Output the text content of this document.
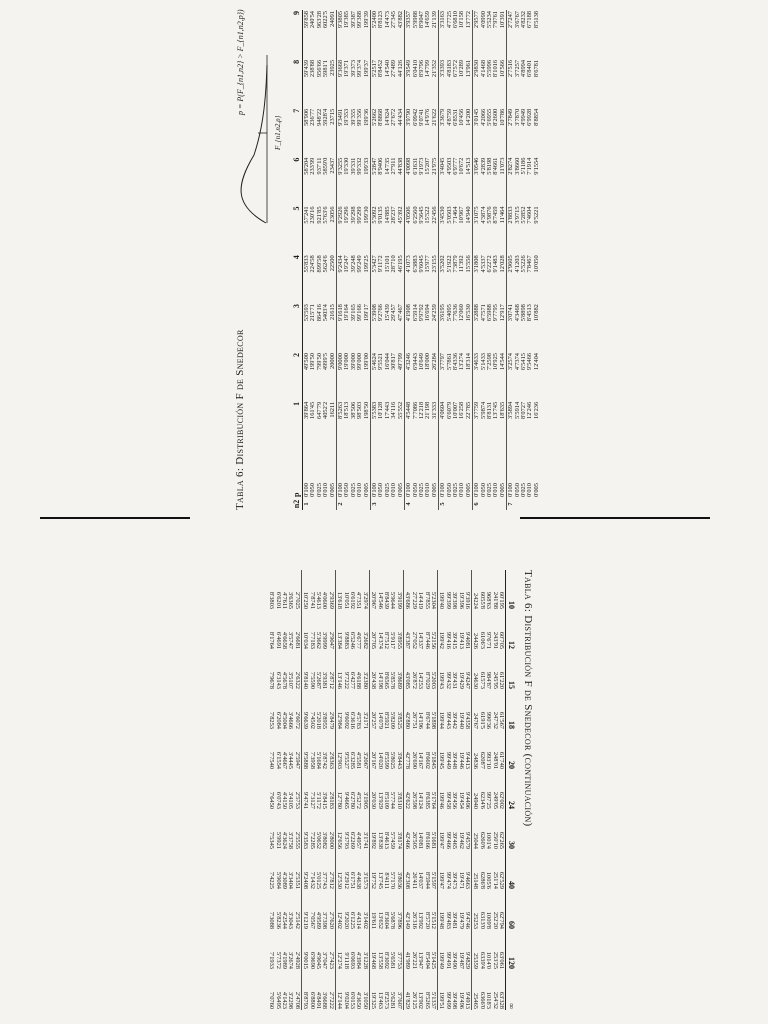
Tabla 6: Distribución F de Snedecor
p = P(F_{n1,n2} > F_{n1,n2,p})
F_{n1,n2,p}
n2	p	1	2	3	4	5	6	7	8	9
1	0'100	39'864	49'500	53'593	55'833	57'241	58'204	58'906	59'439	59'858
	0'050	161'45	199'50	215'71	224'58	230'16	233'99	236'77	238'88	240'54
	0'025	647'79	799'50	864'16	899'58	921'85	937'11	948'22	956'66	963'28
	0'010	4052'2	4999'5	5403'4	5624'6	5763'6	5859'0	5928'4	5981'1	6022'5
	0'005	16211	20000	21615	22500	23056	23437	23715	23925	24091
2	0'100	8'5263	9'0000	9'1618	9'2434	9'2926	9'3255	9'3491	9'3668	9'3805
	0'050	18'513	19'000	19'164	19'247	19'296	19'330	19'353	19'371	19'385
	0'025	38'506	39'000	39'165	39'248	39'298	39'331	39'355	39'373	39'387
	0'010	98'503	99'000	99'166	99'249	99'299	99'332	99'356	99'374	99'388
	0'005	198'50	199'00	199'17	199'25	199'30	199'33	199'36	199'37	199'39
3	0'100	5'5383	5'4624	5'3908	5'3427	5'3092	5'2847	5'2662	5'2517	5'2400
	0'050	10'128	9'5521	9'2766	9'1172	9'0135	8'9406	8'8868	8'8452	8'8123
	0'025	17'443	16'044	15'439	15'101	14'885	14'735	14'624	14'540	14'473
	0'010	34'116	30'817	29'457	28'710	28'237	27'911	27'672	27'489	27'345
	0'005	55'552	49'799	47'467	46'195	45'392	44'838	44'434	44'126	43'882
4	0'100	4'5448	4'3246	4'1908	4'1073	4'0506	4'0098	3'9790	3'9549	3'9357
	0'050	7'7086	6'9443	6'5914	6'3883	6'2560	6'1631	6'0942	6'0410	5'9988
	0'025	12'218	10'649	9'9792	9'6045	9'3645	9'1973	9'0741	8'9796	8'9047
	0'010	21'198	18'000	16'694	15'977	15'522	15'207	14'976	14'799	14'659
	0'005	31'333	26'284	24'259	23'155	22'456	21'975	21'622	21'352	21'139
5	0'100	4'0604	3'7797	3'6195	3'5202	3'4530	3'4045	3'3679	3'3393	3'3163
	0'050	6'6079	5'7861	5'4095	5'1922	5'0503	4'9503	4'8759	4'8183	4'7725
	0'025	10'007	8'4336	7'7636	7'3879	7'1464	6'9777	6'8531	6'7572	6'6810
	0'010	16'258	13'274	12'060	11'392	10'967	10'672	10'456	10'289	10'158
	0'005	22'785	18'314	16'530	15'556	14'940	14'513	14'200	13'961	13'772
6	0'100	3'7759	3'4633	3'2888	3'1808	3'1075	3'0546	3'0145	2'9830	2'9577
	0'050	5'9874	5'1433	4'7571	4'5337	4'3874	4'2839	4'2066	4'1468	4'0990
	0'025	8'8131	7'2598	6'5988	6'2272	5'9876	5'8198	5'6955	5'5996	5'5234
	0'010	13'745	10'925	9'7795	9'1483	8'7459	8'4661	8'2600	8'1016	7'9761
	0'005	18'635	14'544	12'917	12'028	11'464	11'073	10'786	10'566	10'391
7	0'100	3'5894	3'2574	3'0741	2'9605	2'8833	2'8274	2'7849	2'7516	2'7247
	0'050	5'5914	4'7374	4'3468	4'1203	3'9715	3'8660	3'7870	3'7257	3'6767
	0'025	8'0727	6'5415	5'8898	5'5226	5'2852	5'1186	4'9949	4'8994	4'8232
	0'010	12'246	9'5466	8'4513	7'8467	7'4604	7'1914	6'9928	6'8401	6'7188
	0'005	16'236	12'404	10'882	10'050	9'5221	9'1554	8'8854	8'6781	8'5138
Tabla 6: Distribución F de Snedecor (continuación)
10	12	15	18	20	24	30	40	60	120	∞
60'195	60'705	61'220	61'567	61'740	62'002	62'265	62'529	62'794	63'061	63'328
241'88	243'91	245'95	247'32	248'01	249'05	250'10	251'14	252'20	253'25	254'32
968'63	976'71	984'87	990'36	993'10	997'25	1001'4	1005'6	1009'8	1014'0	1018'3
6055'8	6106'3	6157'3	6191'5	6208'7	6234'6	6260'6	6286'8	6313'0	6339'4	6366'0
24224	24426	24630	24767	24836	24940	25044	25148	25253	25359	25465
9'3916	9'4081	9'4247	9'4358	9'4413	9'4496	9'4579	9'4663	9'4746	9'4829	9'4913
19'396	19'413	19'429	19'440	19'446	19'454	19'462	19'471	19'479	19'487	19'496
39'398	39'415	39'431	39'442	39'448	39'456	39'465	39'473	39'481	39'490	39'498
99'399	99'416	99'432	99'443	99'449	99'458	99'466	99'474	99'483	99'491	99'499
199'40	199'42	199'43	199'44	199'45	199'46	199'47	199'47	199'48	199'49	199'51
5'2304	5'2156	5'2003	5'1898	5'1845	5'1764	5'1681	5'1597	5'1512	5'1425	5'1337
8'7855	8'7446	8'7029	8'6744	8'6602	8'6385	8'6166	8'5944	8'5720	8'5494	8'5265
14'419	14'337	14'253	14'196	14'167	14'124	14'081	14'037	13'992	13'947	13'902
27'229	27'052	26'872	26'751	26'690	26'598	26'505	26'411	26'316	26'221	26'125
43'686	43'387	43'085	42'880	42'778	42'622	42'466	42'308	42'149	41'989	41'829
3'9199	3'8955	3'8689	3'8525	3'8443	3'8310	3'8174	3'8036	3'7896	3'7753	3'7607
5'9644	5'9117	5'8578	5'8209	5'8025	5'7744	5'7459	5'7170	5'6878	5'6581	5'6281
8'8439	8'7512	8'6565	8'5921	8'5599	8'5109	8'4613	8'4111	8'3604	8'3092	8'2573
14'546	14'374	14'198	14'079	14'020	13'929	13'838	13'745	13'652	13'558	13'463
20'967	20'705	20'438	20'257	20'167	20'030	19'892	19'752	19'611	19'468	19'325
3'2974	3'2682	3'2380	3'2171	3'2067	3'1905	3'1741	3'1573	3'1402	3'1228	3'1050
4'7351	4'6777	4'6188	4'5783	4'5581	4'5272	4'4957	4'4638	4'4314	4'3984	4'3650
6'6192	6'5246	6'4277	6'3616	6'3285	6'2780	6'2269	6'1751	6'1225	6'0693	6'0153
10'051	9'8883	9'7222	9'6092	9'5527	9'4665	9'3793	9'2912	9'2020	9'1118	9'0204
13'618	13'384	13'146	12'984	12'903	12'780	12'656	12'530	12'402	12'274	12'144
2'9369	2'9047	2'8712	2'8479	2'8363	2'8183	2'8000	2'7812	2'7620	2'7423	2'7222
4'0600	3'9999	3'9381	3'8955	3'8742	3'8415	3'8082	3'7743	3'7398	3'7047	3'6688
5'4613	5'3662	5'2687	5'2018	5'1684	5'1172	5'0652	5'0125	4'9589	4'9045	4'8491
7'8741	7'7183	7'5590	7'4502	7'3958	7'3127	7'2285	7'1432	7'0567	6'9690	6'8800
10'250	10'034	9'8140	9'6639	9'5888	9'4741	9'3583	9'2408	9'1219	9'0015	8'8793
2'7025	2'6681	2'6322	2'6072	2'5947	2'5753	2'5555	2'5351	2'5142	2'4928	2'4708
3'6365	3'5747	3'5107	3'4666	3'4445	3'4105	3'3758	3'3404	3'3043	3'2674	3'2298
4'7611	4'6658	4'5678	4'5004	4'4667	4'4150	4'3624	4'3089	4'2544	4'1989	4'1423
6'6201	6'4691	6'3143	6'2084	6'1554	6'0743	5'9921	5'9084	5'8236	5'7372	5'6495
8'3803	8'1764	7'9678	7'8253	7'7540	7'6450	7'5345	7'4225	7'3088	7'1933	7'0760
